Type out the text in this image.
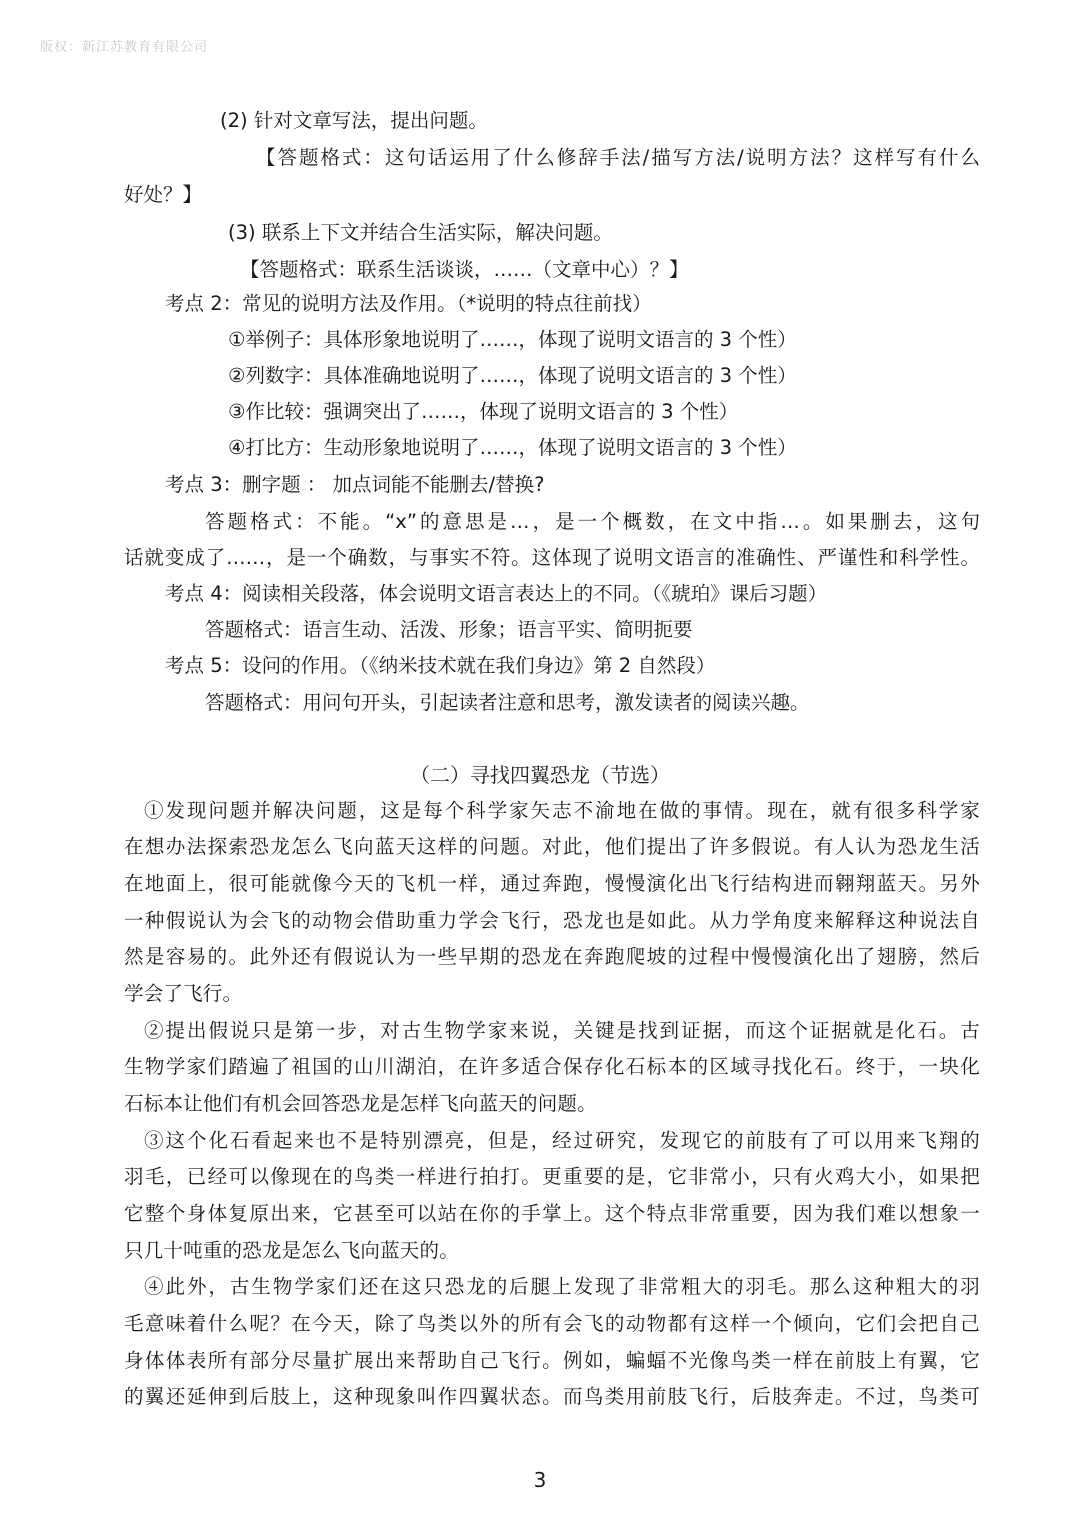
版权：新江苏教育有限公司
(2) 针对文章写法，提出问题。
【答题格式：这句话运用了什么修辞手法/描写方法/说明方法？这样写有什么
好处？】
(3) 联系上下文并结合生活实际，解决问题。
【答题格式：联系生活谈谈，……（文章中心）？】
考点 2：常见的说明方法及作用。（*说明的特点往前找）
①举例子：具体形象地说明了……，体现了说明文语言的 3 个性）
②列数字：具体准确地说明了……，体现了说明文语言的 3 个性）
③作比较：强调突出了……，体现了说明文语言的 3 个性）
④打比方：生动形象地说明了……，体现了说明文语言的 3 个性）
考点 3：删字题 ： 加点词能不能删去/替换?
答题格式：不能。“x”的意思是…，是一个概数，在文中指…。如果删去，这句
话就变成了……，是一个确数，与事实不符。这体现了说明文语言的准确性、严谨性和科学性。
考点 4：阅读相关段落，体会说明文语言表达上的不同。（《琥珀》课后习题）
答题格式：语言生动、活泼、形象；语言平实、简明扼要
考点 5：设问的作用。（《纳米技术就在我们身边》第 2 自然段）
答题格式：用问句开头，引起读者注意和思考，激发读者的阅读兴趣。
（二）寻找四翼恐龙（节选）
①发现问题并解决问题，这是每个科学家矢志不渝地在做的事情。现在，就有很多科学家
在想办法探索恐龙怎么飞向蓝天这样的问题。对此，他们提出了许多假说。有人认为恐龙生活
在地面上，很可能就像今天的飞机一样，通过奔跑，慢慢演化出飞行结构进而翱翔蓝天。另外
一种假说认为会飞的动物会借助重力学会飞行，恐龙也是如此。从力学角度来解释这种说法自
然是容易的。此外还有假说认为一些早期的恐龙在奔跑爬坡的过程中慢慢演化出了翅膀，然后
学会了飞行。
②提出假说只是第一步，对古生物学家来说，关键是找到证据，而这个证据就是化石。古
生物学家们踏遍了祖国的山川湖泊，在许多适合保存化石标本的区域寻找化石。终于，一块化
石标本让他们有机会回答恐龙是怎样飞向蓝天的问题。
③这个化石看起来也不是特别漂亮，但是，经过研究，发现它的前肢有了可以用来飞翔的
羽毛，已经可以像现在的鸟类一样进行拍打。更重要的是，它非常小，只有火鸡大小，如果把
它整个身体复原出来，它甚至可以站在你的手掌上。这个特点非常重要，因为我们难以想象一
只几十吨重的恐龙是怎么飞向蓝天的。
④此外，古生物学家们还在这只恐龙的后腿上发现了非常粗大的羽毛。那么这种粗大的羽
毛意味着什么呢？在今天，除了鸟类以外的所有会飞的动物都有这样一个倾向，它们会把自己
身体体表所有部分尽量扩展出来帮助自己飞行。例如，蝙蝠不光像鸟类一样在前肢上有翼，它
的翼还延伸到后肢上，这种现象叫作四翼状态。而鸟类用前肢飞行，后肢奔走。不过，鸟类可
3
